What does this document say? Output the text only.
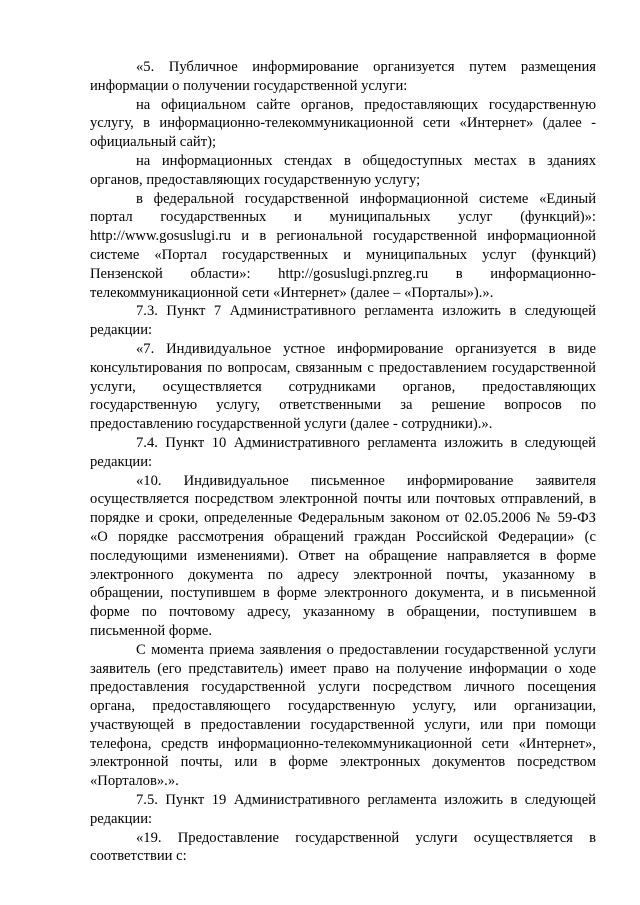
«5. Публичное информирование организуется путем размещения информации о получении государственной услуги:

на официальном сайте органов, предоставляющих государственную услугу, в информационно-телекоммуникационной сети «Интернет» (далее - официальный сайт);

на информационных стендах в общедоступных местах в зданиях органов, предоставляющих государственную услугу;

в федеральной государственной информационной системе «Единый портал государственных и муниципальных услуг (функций)»: http://www.gosuslugi.ru и в региональной государственной информационной системе «Портал государственных и муниципальных услуг (функций) Пензенской области»: http://gosuslugi.pnzreg.ru в информационно-телекоммуникационной сети «Интернет» (далее – «Порталы»).».

7.3. Пункт 7 Административного регламента изложить в следующей редакции:

«7. Индивидуальное устное информирование организуется в виде консультирования по вопросам, связанным с предоставлением государственной услуги, осуществляется сотрудниками органов, предоставляющих государственную услугу, ответственными за решение вопросов по предоставлению государственной услуги (далее - сотрудники).».

7.4. Пункт 10 Административного регламента изложить в следующей редакции:

«10. Индивидуальное письменное информирование заявителя осуществляется посредством электронной почты или почтовых отправлений, в порядке и сроки, определенные Федеральным законом от 02.05.2006 № 59-ФЗ «О порядке рассмотрения обращений граждан Российской Федерации» (с последующими изменениями). Ответ на обращение направляется в форме электронного документа по адресу электронной почты, указанному в обращении, поступившем в форме электронного документа, и в письменной форме по почтовому адресу, указанному в обращении, поступившем в письменной форме.

С момента приема заявления о предоставлении государственной услуги заявитель (его представитель) имеет право на получение информации о ходе предоставления государственной услуги посредством личного посещения органа, предоставляющего государственную услугу, или организации, участвующей в предоставлении государственной услуги, или при помощи телефона, средств информационно-телекоммуникационной сети «Интернет», электронной почты, или в форме электронных документов посредством «Порталов».».

7.5. Пункт 19 Административного регламента изложить в следующей редакции:

«19. Предоставление государственной услуги осуществляется в соответствии с:
